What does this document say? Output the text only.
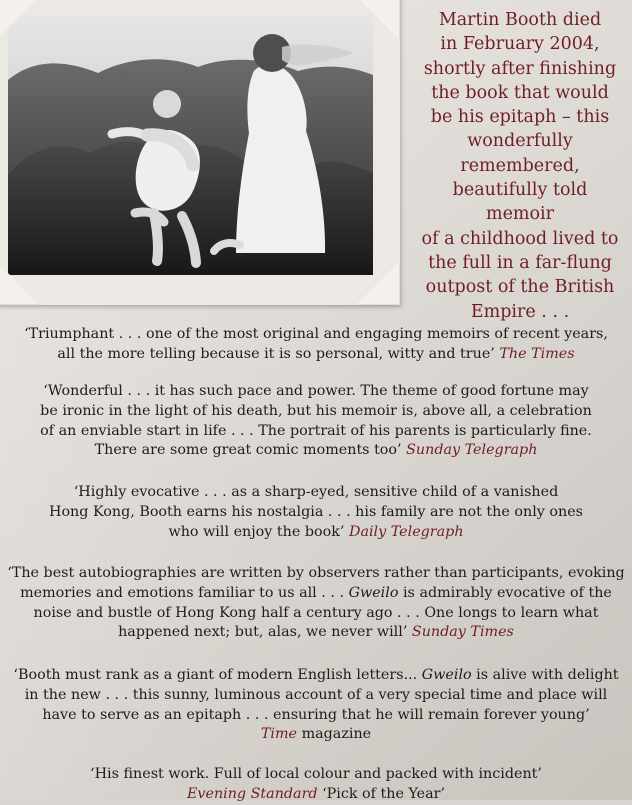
Martin Booth died
in February 2004,
shortly after finishing
the book that would
be his epitaph – this
wonderfully remembered,
beautifully told memoir
of a childhood lived to
the full in a far-flung
outpost of the British
Empire . . .
‘Triumphant . . . one of the most original and engaging memoirs of recent years,
all the more telling because it is so personal, witty and true’ The Times
‘Wonderful . . . it has such pace and power. The theme of good fortune may
be ironic in the light of his death, but his memoir is, above all, a celebration
of an enviable start in life . . . The portrait of his parents is particularly fine.
There are some great comic moments too’ Sunday Telegraph
‘Highly evocative . . . as a sharp-eyed, sensitive child of a vanished
Hong Kong, Booth earns his nostalgia . . . his family are not the only ones
who will enjoy the book’ Daily Telegraph
‘The best autobiographies are written by observers rather than participants, evoking
memories and emotions familiar to us all . . . Gweilo is admirably evocative of the
noise and bustle of Hong Kong half a century ago . . . One longs to learn what
happened next; but, alas, we never will’ Sunday Times
‘Booth must rank as a giant of modern English letters... Gweilo is alive with delight
in the new . . . this sunny, luminous account of a very special time and place will
have to serve as an epitaph . . . ensuring that he will remain forever young’
Time magazine
‘His finest work. Full of local colour and packed with incident’
Evening Standard ‘Pick of the Year’
